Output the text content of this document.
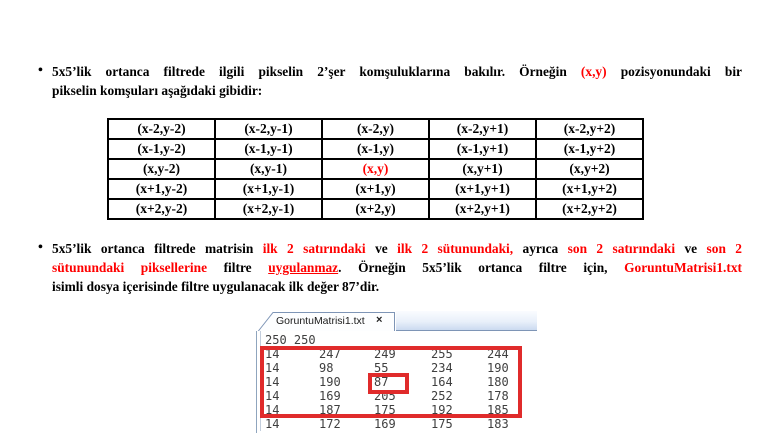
• 5x5’lik ortanca filtrede ilgili pikselin 2’şer komşuluklarına bakılır. Örneğin (x,y) pozisyonundaki bir
pikselin komşuları aşağıdaki gibidir:
(x-2,y-2)	(x-2,y-1)	(x-2,y)	(x-2,y+1)	(x-2,y+2)
(x-1,y-2)	(x-1,y-1)	(x-1,y)	(x-1,y+1)	(x-1,y+2)
(x,y-2)	(x,y-1)	(x,y)	(x,y+1)	(x,y+2)
(x+1,y-2)	(x+1,y-1)	(x+1,y)	(x+1,y+1)	(x+1,y+2)
(x+2,y-2)	(x+2,y-1)	(x+2,y)	(x+2,y+1)	(x+2,y+2)
• 5x5’lik ortanca filtrede matrisin ilk 2 satırındaki ve ilk 2 sütunundaki, ayrıca son 2 satırındaki ve son 2
sütunundaki piksellerine filtre uygulanmaz. Örneğin 5x5’lik ortanca filtre için, GoruntuMatrisi1.txt
isimli dosya içerisinde filtre uygulanacak ilk değer 87’dir.
GoruntuMatrisi1.txt ×
250 250
14	247	249	255	244
14	98	55	234	190
14	190	87	164	180
14	169	205	252	178
14	187	175	192	185
14	172	169	175	183
